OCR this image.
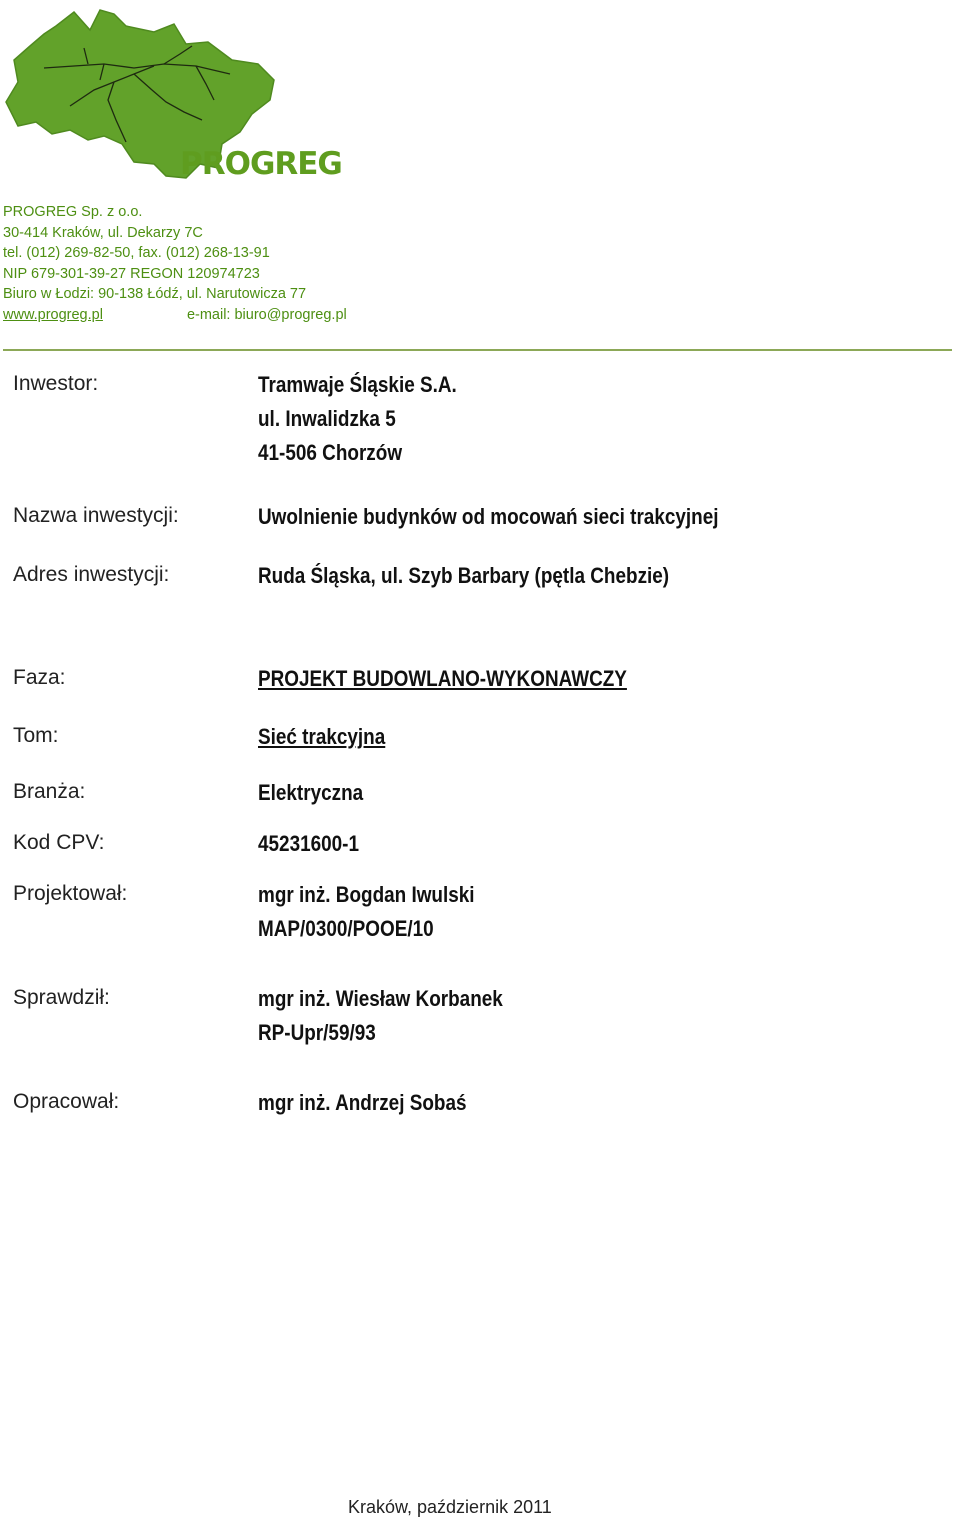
PROGREG
PROGREG Sp. z o.o.
30-414 Kraków, ul. Dekarzy 7C
tel. (012) 269-82-50, fax. (012) 268-13-91
NIP 679-301-39-27 REGON 120974723
Biuro w Łodzi: 90-138 Łódź, ul. Narutowicza 77
www.progreg.pl	e-mail: biuro@progreg.pl
Inwestor:	Tramwaje Śląskie S.A.
ul. Inwalidzka 5
41-506 Chorzów
Nazwa inwestycji:	Uwolnienie budynków od mocowań sieci trakcyjnej
Adres inwestycji:	Ruda Śląska, ul. Szyb Barbary (pętla Chebzie)
Faza:	PROJEKT BUDOWLANO-WYKONAWCZY
Tom:	Sieć trakcyjna
Branża:	Elektryczna
Kod CPV:	45231600-1
Projektował:	mgr inż. Bogdan Iwulski
MAP/0300/POOE/10
Sprawdził:	mgr inż. Wiesław Korbanek
RP-Upr/59/93
Opracował:	mgr inż. Andrzej Sobaś
Kraków, październik 2011
